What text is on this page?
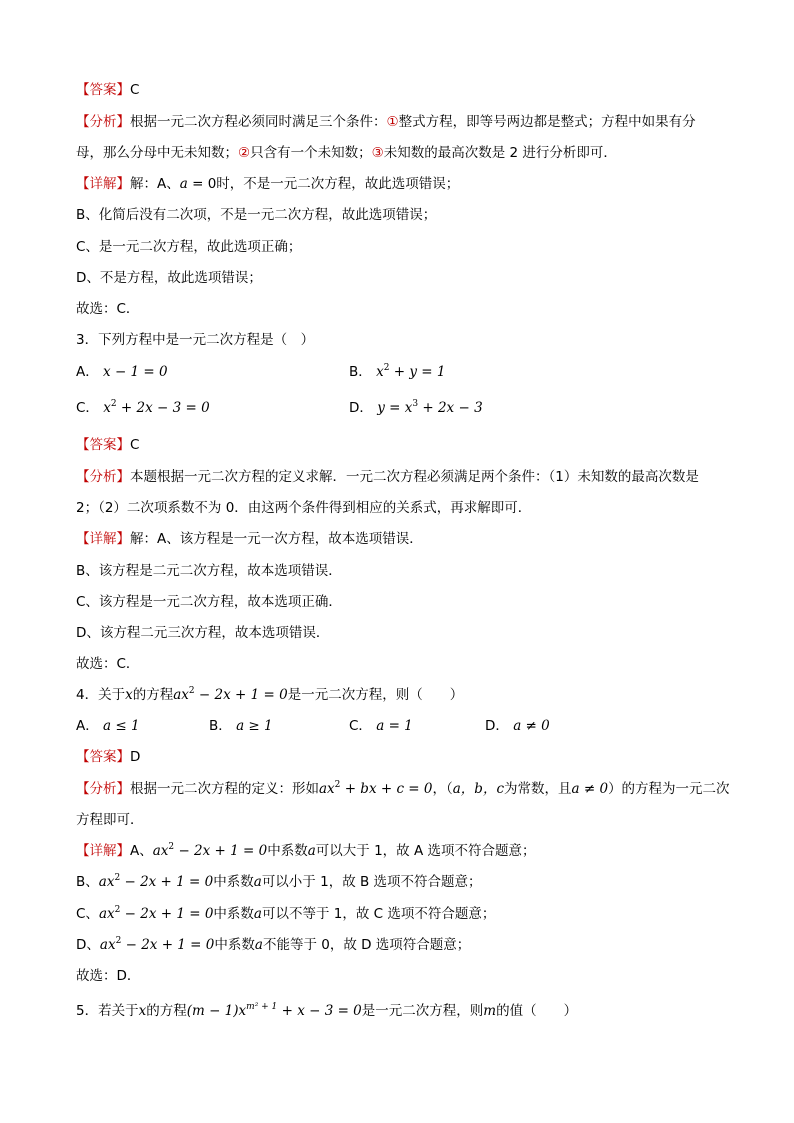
【答案】C
【分析】根据一元二次方程必须同时满足三个条件：①整式方程，即等号两边都是整式；方程中如果有分
母，那么分母中无未知数；②只含有一个未知数；③未知数的最高次数是 2 进行分析即可．
【详解】解：A、a = 0时，不是一元二次方程，故此选项错误；
B、化简后没有二次项，不是一元二次方程，故此选项错误；
C、是一元二次方程，故此选项正确；
D、不是方程，故此选项错误；
故选：C．
3．下列方程中是一元二次方程是（　）
A． x − 1 = 0	B． $x^2 + y = 1$
C． $x^2 + 2x - 3 = 0$	D． $y = x^3 + 2x - 3$
【答案】C
【分析】本题根据一元二次方程的定义求解．一元二次方程必须满足两个条件：（1）未知数的最高次数是
2；（2）二次项系数不为 0．由这两个条件得到相应的关系式，再求解即可．
【详解】解：A、该方程是一元一次方程，故本选项错误．
B、该方程是二元二次方程，故本选项错误．
C、该方程是一元二次方程，故本选项正确．
D、该方程二元三次方程，故本选项错误．
故选：C．
4．关于x的方程$ax^2 - 2x + 1 = 0$是一元二次方程，则（　　）
A． a ≤ 1	B． a ≥ 1	C． a = 1	D． a ≠ 0
【答案】D
【分析】根据一元二次方程的定义：形如$ax^2$ + bx + c = 0，（a，b，c为常数，且a ≠ 0）的方程为一元二次
方程即可．
【详解】A、$ax^2 - 2x + 1 = 0$中系数a可以大于 1，故 A 选项不符合题意；
B、$ax^2 - 2x + 1 = 0$中系数a可以小于 1，故 B 选项不符合题意；
C、$ax^2 - 2x + 1 = 0$中系数a可以不等于 1，故 C 选项不符合题意；
D、$ax^2 - 2x + 1 = 0$中系数a不能等于 0，故 D 选项符合题意；
故选：D．
5．若关于x的方程$(m - 1)x^{m^2 + 1} + x - 3 = 0$是一元二次方程，则m的值（　　）
